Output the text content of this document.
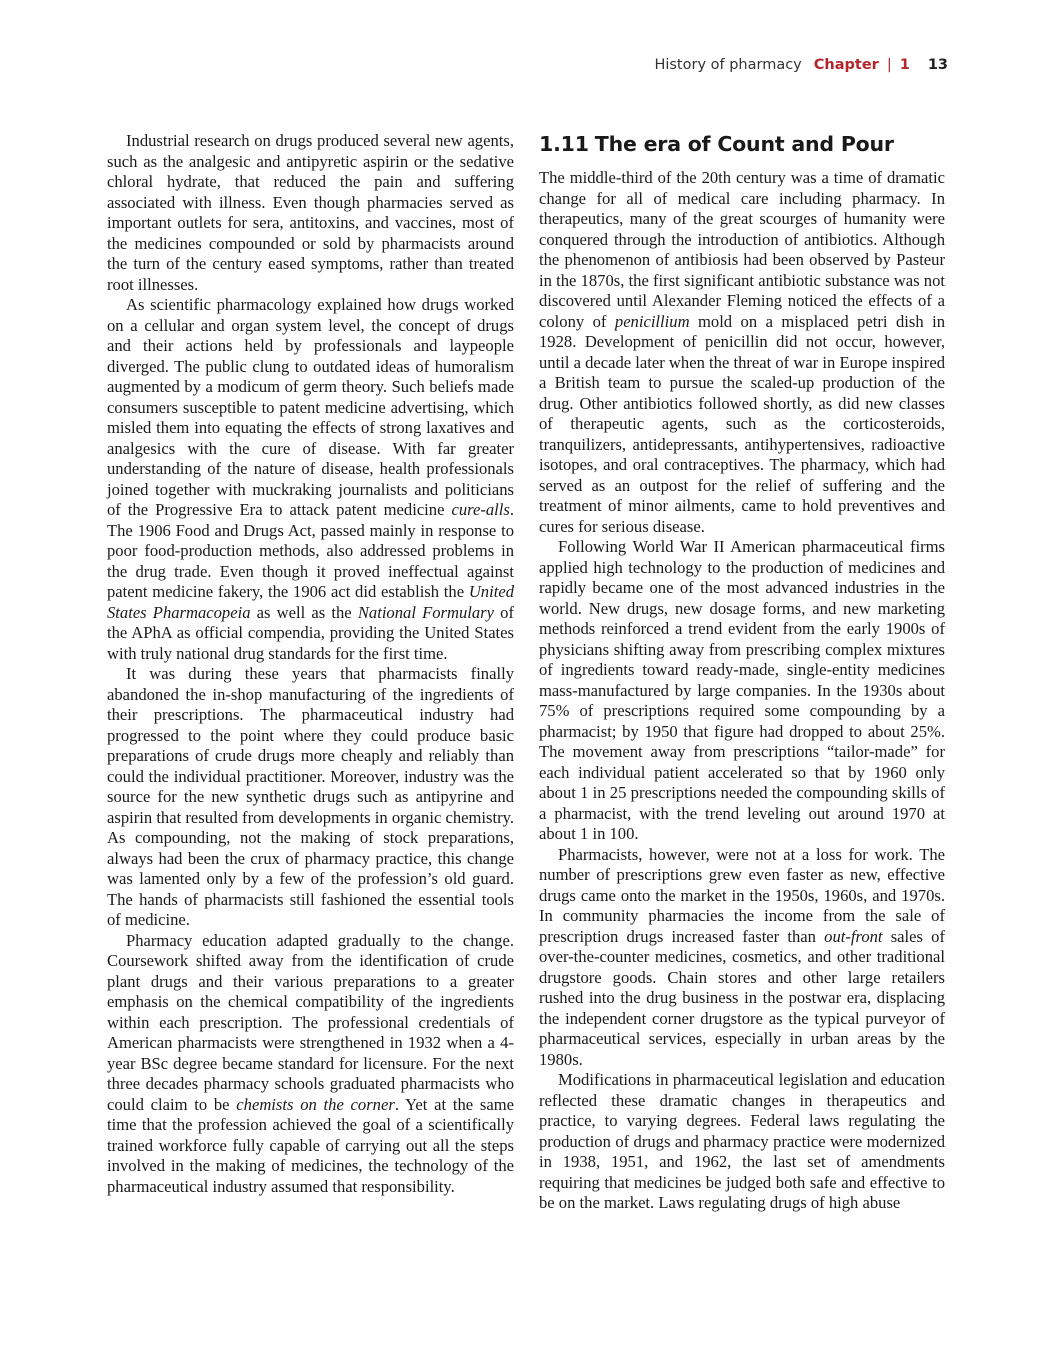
History of pharmacy Chapter | 1 13

Industrial research on drugs produced several new agents, such as the analgesic and antipyretic aspirin or the sedative chloral hydrate, that reduced the pain and suffering associated with illness. Even though pharmacies served as important outlets for sera, antitoxins, and vaccines, most of the medicines compounded or sold by pharmacists around the turn of the century eased symptoms, rather than treated root illnesses.

As scientific pharmacology explained how drugs worked on a cellular and organ system level, the concept of drugs and their actions held by professionals and laypeople diverged. The public clung to outdated ideas of humoralism augmented by a modicum of germ theory. Such beliefs made consumers susceptible to patent medicine advertising, which misled them into equating the effects of strong laxatives and analgesics with the cure of disease. With far greater understanding of the nature of disease, health professionals joined together with muckraking journalists and politicians of the Progressive Era to attack patent medicine cure-alls. The 1906 Food and Drugs Act, passed mainly in response to poor food-production methods, also addressed problems in the drug trade. Even though it proved ineffectual against patent medicine fakery, the 1906 act did establish the United States Pharmacopeia as well as the National Formulary of the APhA as official compendia, providing the United States with truly national drug standards for the first time.

It was during these years that pharmacists finally abandoned the in-shop manufacturing of the ingredients of their prescriptions. The pharmaceutical industry had progressed to the point where they could produce basic preparations of crude drugs more cheaply and reliably than could the individual practitioner. Moreover, industry was the source for the new synthetic drugs such as antipyrine and aspirin that resulted from developments in organic chemistry. As compounding, not the making of stock preparations, always had been the crux of pharmacy practice, this change was lamented only by a few of the profession’s old guard. The hands of pharmacists still fashioned the essential tools of medicine.

Pharmacy education adapted gradually to the change. Coursework shifted away from the identification of crude plant drugs and their various preparations to a greater emphasis on the chemical compatibility of the ingredients within each prescription. The professional credentials of American pharmacists were strengthened in 1932 when a 4-year BSc degree became standard for licensure. For the next three decades pharmacy schools graduated pharmacists who could claim to be chemists on the corner. Yet at the same time that the profession achieved the goal of a scientifically trained workforce fully capable of carrying out all the steps involved in the making of medicines, the technology of the pharmaceutical industry assumed that responsibility.

1.11 The era of Count and Pour

The middle-third of the 20th century was a time of dramatic change for all of medical care including pharmacy. In therapeutics, many of the great scourges of humanity were conquered through the introduction of antibiotics. Although the phenomenon of antibiosis had been observed by Pasteur in the 1870s, the first significant antibiotic substance was not discovered until Alexander Fleming noticed the effects of a colony of penicillium mold on a misplaced petri dish in 1928. Development of penicillin did not occur, however, until a decade later when the threat of war in Europe inspired a British team to pursue the scaled-up production of the drug. Other antibiotics followed shortly, as did new classes of therapeutic agents, such as the corticosteroids, tranquilizers, antidepressants, antihypertensives, radioactive isotopes, and oral contraceptives. The pharmacy, which had served as an outpost for the relief of suffering and the treatment of minor ailments, came to hold preventives and cures for serious disease.

Following World War II American pharmaceutical firms applied high technology to the production of medicines and rapidly became one of the most advanced industries in the world. New drugs, new dosage forms, and new marketing methods reinforced a trend evident from the early 1900s of physicians shifting away from prescribing complex mixtures of ingredients toward ready-made, single-entity medicines mass-manufactured by large companies. In the 1930s about 75% of prescriptions required some compounding by a pharmacist; by 1950 that figure had dropped to about 25%. The movement away from prescriptions “tailor-made” for each individual patient accelerated so that by 1960 only about 1 in 25 prescriptions needed the compounding skills of a pharmacist, with the trend leveling out around 1970 at about 1 in 100.

Pharmacists, however, were not at a loss for work. The number of prescriptions grew even faster as new, effective drugs came onto the market in the 1950s, 1960s, and 1970s. In community pharmacies the income from the sale of prescription drugs increased faster than out-front sales of over-the-counter medicines, cosmetics, and other traditional drugstore goods. Chain stores and other large retailers rushed into the drug business in the postwar era, displacing the independent corner drugstore as the typical purveyor of pharmaceutical services, especially in urban areas by the 1980s.

Modifications in pharmaceutical legislation and education reflected these dramatic changes in therapeutics and practice, to varying degrees. Federal laws regulating the production of drugs and pharmacy practice were modernized in 1938, 1951, and 1962, the last set of amendments requiring that medicines be judged both safe and effective to be on the market. Laws regulating drugs of high abuse
